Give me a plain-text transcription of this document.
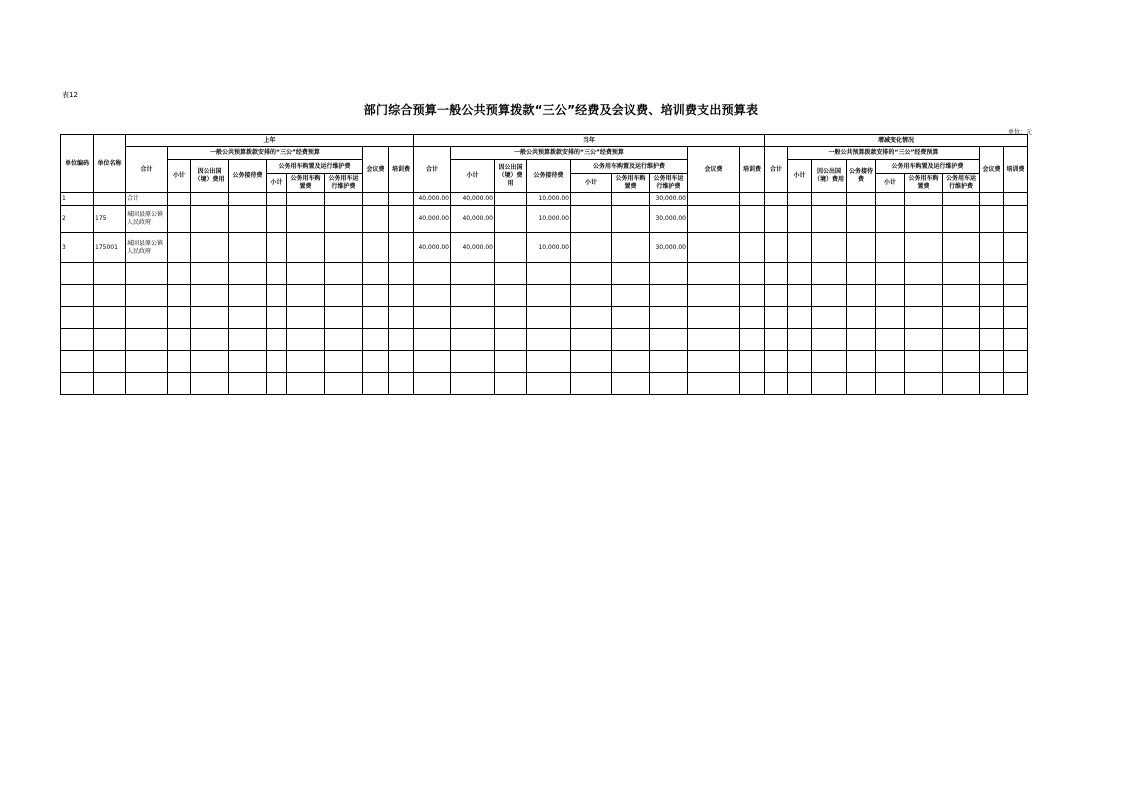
表12
部门综合预算一般公共预算拨款“三公”经费及会议费、培训费支出预算表
单位：元
单位编码	单位名称	上年									当年									增减变化情况								
		合计	一般公共预算拨款安排的“三公”经费预算						会议费	培训费	合计	一般公共预算拨款安排的“三公”经费预算						会议费	培训费	合计	一般公共预算拨款安排的“三公”经费预算						会议费	培训费
			小计	因公出国（境）费用	公务接待费	公务用车购置及运行维护费						小计	因公出国（境）费用	公务接待费	公务用车购置及运行维护费						小计	因公出国（境）费用	公务接待费	公务用车购置及运行维护费				
						小计	公务用车购置费	公务用车运行维护费							小计	公务用车购置费	公务用车运行维护费							小计	公务用车购置费	公务用车运行维护费		
1		合计									40,000.00	40,000.00		10,000.00			30,000.00											
2	175	城固县原公镇人民政府									40,000.00	40,000.00		10,000.00			30,000.00											
3	175001	城固县原公镇人民政府									40,000.00	40,000.00		10,000.00			30,000.00											
